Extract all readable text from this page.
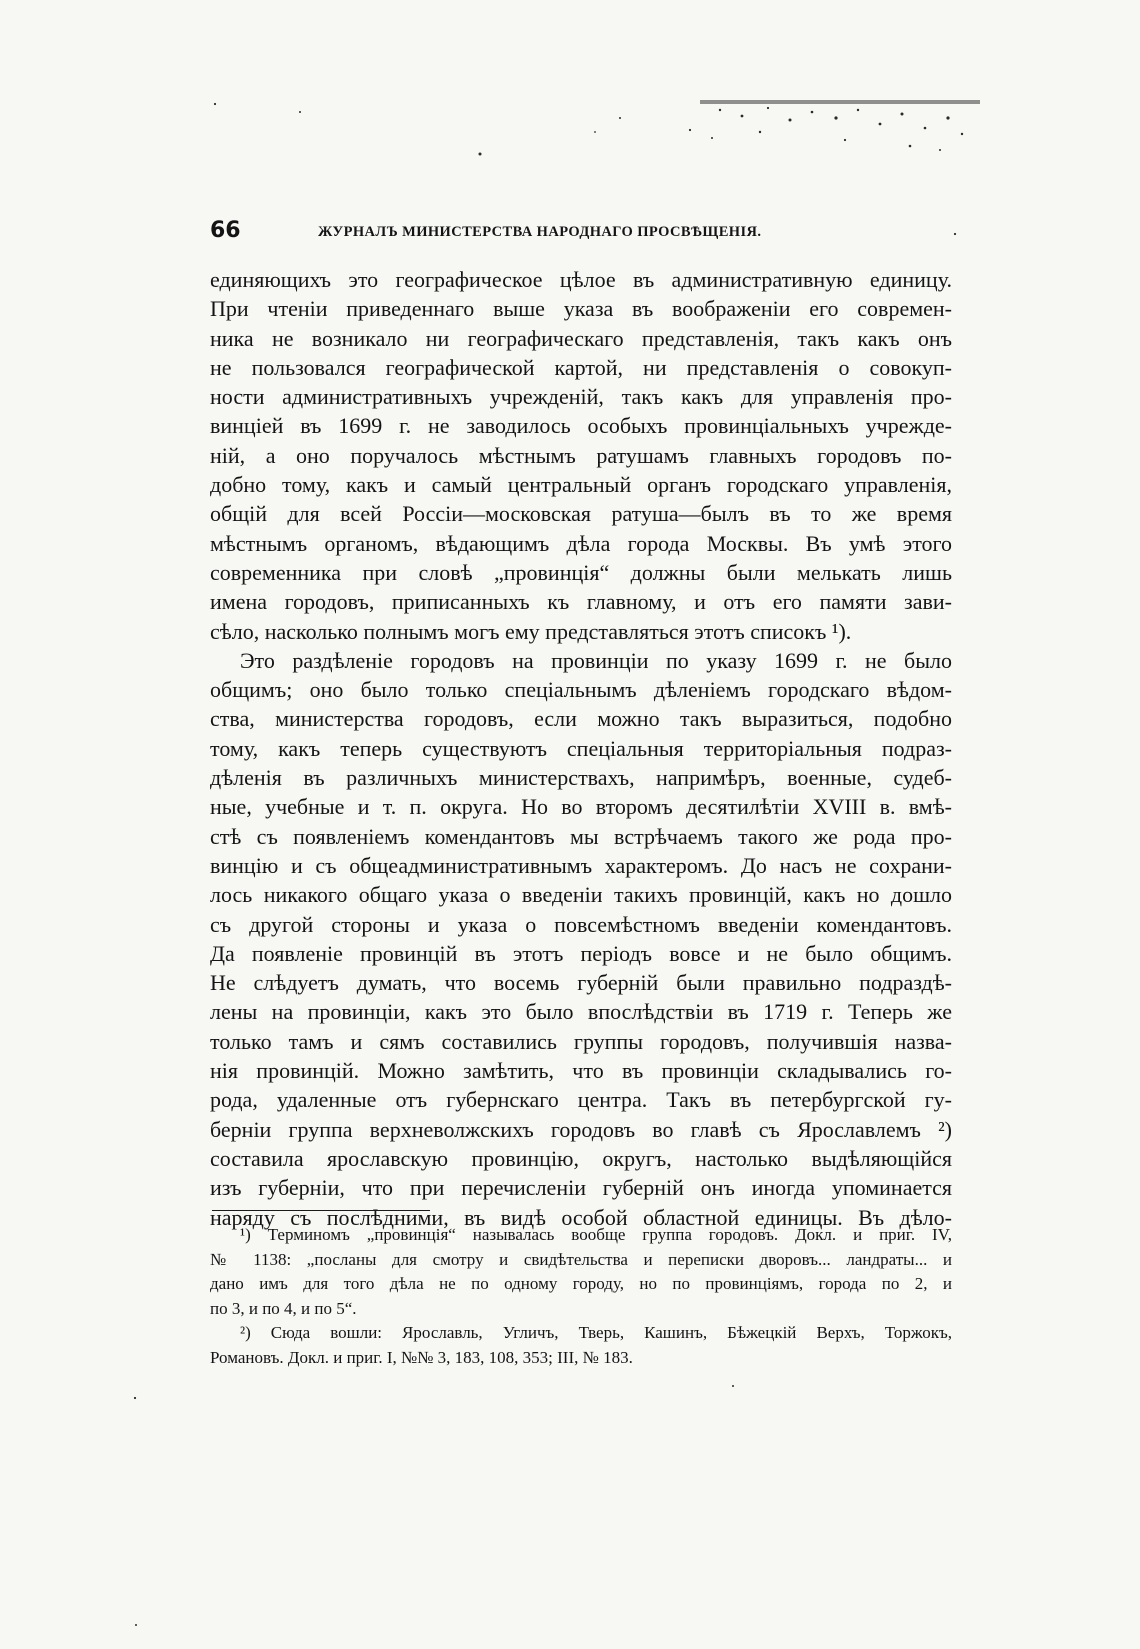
66	ЖУРНАЛЪ МИНИСТЕРСТВА НАРОДНАГО ПРОСВѢЩЕНІЯ.
единяющихъ это географическое цѣлое въ административную единицу.
При чтеніи приведеннаго выше указа въ воображеніи его современ-
ника не возникало ни географическаго представленія, такъ какъ онъ
не пользовался географической картой, ни представленія о совокуп-
ности административныхъ учрежденій, такъ какъ для управленія про-
винціей въ 1699 г. не заводилось особыхъ провинціальныхъ учрежде-
ній, а оно поручалось мѣстнымъ ратушамъ главныхъ городовъ по-
добно тому, какъ и самый центральный органъ городскаго управленія,
общій для всей Россіи—московская ратуша—былъ въ то же время
мѣстнымъ органомъ, вѣдающимъ дѣла города Москвы. Въ умѣ этого
современника при словѣ „провинція“ должны были мелькать лишь
имена городовъ, приписанныхъ къ главному, и отъ его памяти зави-
сѣло, насколько полнымъ могъ ему представляться этотъ списокъ ¹).
Это раздѣленіе городовъ на провинціи по указу 1699 г. не было
общимъ; оно было только спеціальнымъ дѣленіемъ городскаго вѣдом-
ства, министерства городовъ, если можно такъ выразиться, подобно
тому, какъ теперь существуютъ спеціальныя территоріальныя подраз-
дѣленія въ различныхъ министерствахъ, напримѣръ, военные, судеб-
ные, учебные и т. п. округа. Но во второмъ десятилѣтіи XVIII в. вмѣ-
стѣ съ появленіемъ комендантовъ мы встрѣчаемъ такого же рода про-
винцію и съ общеадминистративнымъ характеромъ. До насъ не сохрани-
лось никакого общаго указа о введеніи такихъ провинцій, какъ но дошло
съ другой стороны и указа о повсемѣстномъ введеніи комендантовъ.
Да появленіе провинцій въ этотъ періодъ вовсе и не было общимъ.
Не слѣдуетъ думать, что восемь губерній были правильно подраздѣ-
лены на провинціи, какъ это было впослѣдствіи въ 1719 г. Теперь же
только тамъ и сямъ составились группы городовъ, получившія назва-
нія провинцій. Можно замѣтить, что въ провинціи складывались го-
рода, удаленные отъ губернскаго центра. Такъ въ петербургской гу-
берніи группа верхневолжскихъ городовъ во главѣ съ Ярославлемъ ²)
составила ярославскую провинцію, округъ, настолько выдѣляющійся
изъ губерніи, что при перечисленіи губерній онъ иногда упоминается
наряду съ послѣдними, въ видѣ особой областной единицы. Въ дѣло-
¹) Терминомъ „провинція“ называлась вообще группа городовъ. Докл. и приг. IV,
№ 1138: „посланы для смотру и свидѣтельства и переписки дворовъ... ландраты... и
дано имъ для того дѣла не по одному городу, но по провинціямъ, города по 2, и
по 3, и по 4, и по 5“.
²) Сюда вошли: Ярославль, Угличъ, Тверь, Кашинъ, Бѣжецкій Верхъ, Торжокъ,
Романовъ. Докл. и приг. I, №№ 3, 183, 108, 353; III, № 183.
